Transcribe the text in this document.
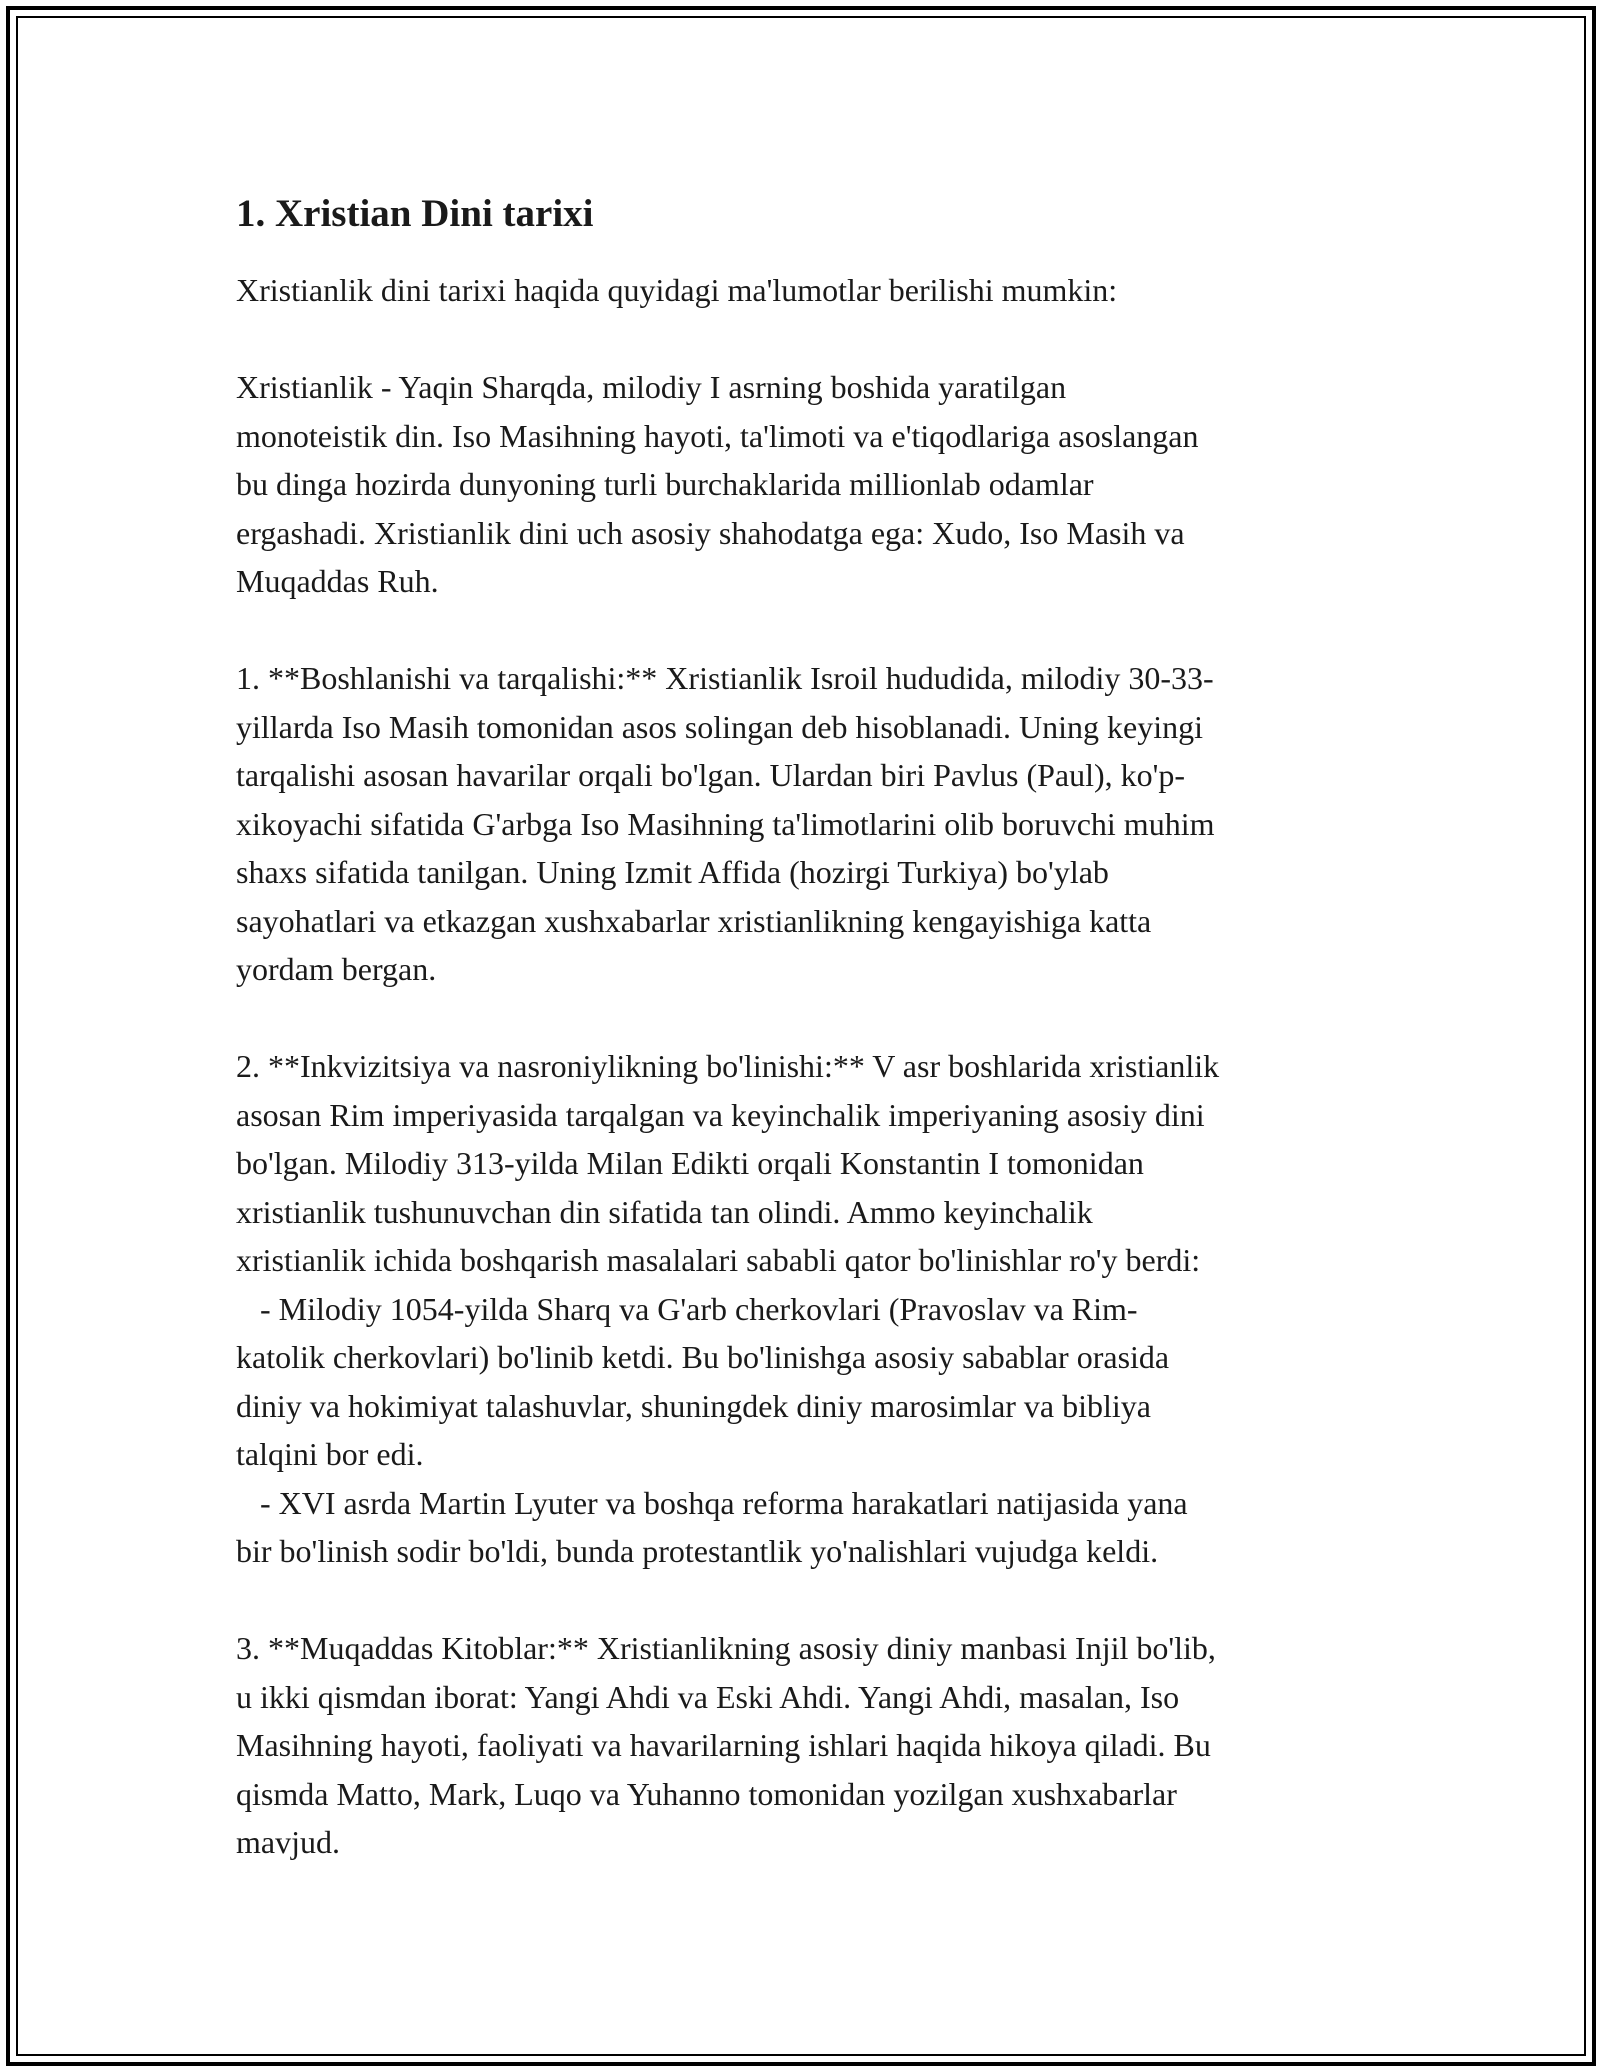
1. Xristian Dini tarixi

Xristianlik dini tarixi haqida quyidagi ma'lumotlar berilishi mumkin:

Xristianlik - Yaqin Sharqda, milodiy I asrning boshida yaratilgan
monoteistik din. Iso Masihning hayoti, ta'limoti va e'tiqodlariga asoslangan
bu dinga hozirda dunyoning turli burchaklarida millionlab odamlar
ergashadi. Xristianlik dini uch asosiy shahodatga ega: Xudo, Iso Masih va
Muqaddas Ruh.

1. **Boshlanishi va tarqalishi:** Xristianlik Isroil hududida, milodiy 30-33-
yillarda Iso Masih tomonidan asos solingan deb hisoblanadi. Uning keyingi
tarqalishi asosan havarilar orqali bo'lgan. Ulardan biri Pavlus (Paul), ko'p-
xikoyachi sifatida G'arbga Iso Masihning ta'limotlarini olib boruvchi muhim
shaxs sifatida tanilgan. Uning Izmit Affida (hozirgi Turkiya) bo'ylab
sayohatlari va etkazgan xushxabarlar xristianlikning kengayishiga katta
yordam bergan.

2. **Inkvizitsiya va nasroniylikning bo'linishi:** V asr boshlarida xristianlik
asosan Rim imperiyasida tarqalgan va keyinchalik imperiyaning asosiy dini
bo'lgan. Milodiy 313-yilda Milan Edikti orqali Konstantin I tomonidan
xristianlik tushunuvchan din sifatida tan olindi. Ammo keyinchalik
xristianlik ichida boshqarish masalalari sababli qator bo'linishlar ro'y berdi:
- Milodiy 1054-yilda Sharq va G'arb cherkovlari (Pravoslav va Rim-
katolik cherkovlari) bo'linib ketdi. Bu bo'linishga asosiy sabablar orasida
diniy va hokimiyat talashuvlar, shuningdek diniy marosimlar va bibliya
talqini bor edi.
- XVI asrda Martin Lyuter va boshqa reforma harakatlari natijasida yana
bir bo'linish sodir bo'ldi, bunda protestantlik yo'nalishlari vujudga keldi.

3. **Muqaddas Kitoblar:** Xristianlikning asosiy diniy manbasi Injil bo'lib,
u ikki qismdan iborat: Yangi Ahdi va Eski Ahdi. Yangi Ahdi, masalan, Iso
Masihning hayoti, faoliyati va havarilarning ishlari haqida hikoya qiladi. Bu
qismda Matto, Mark, Luqo va Yuhanno tomonidan yozilgan xushxabarlar
mavjud.
